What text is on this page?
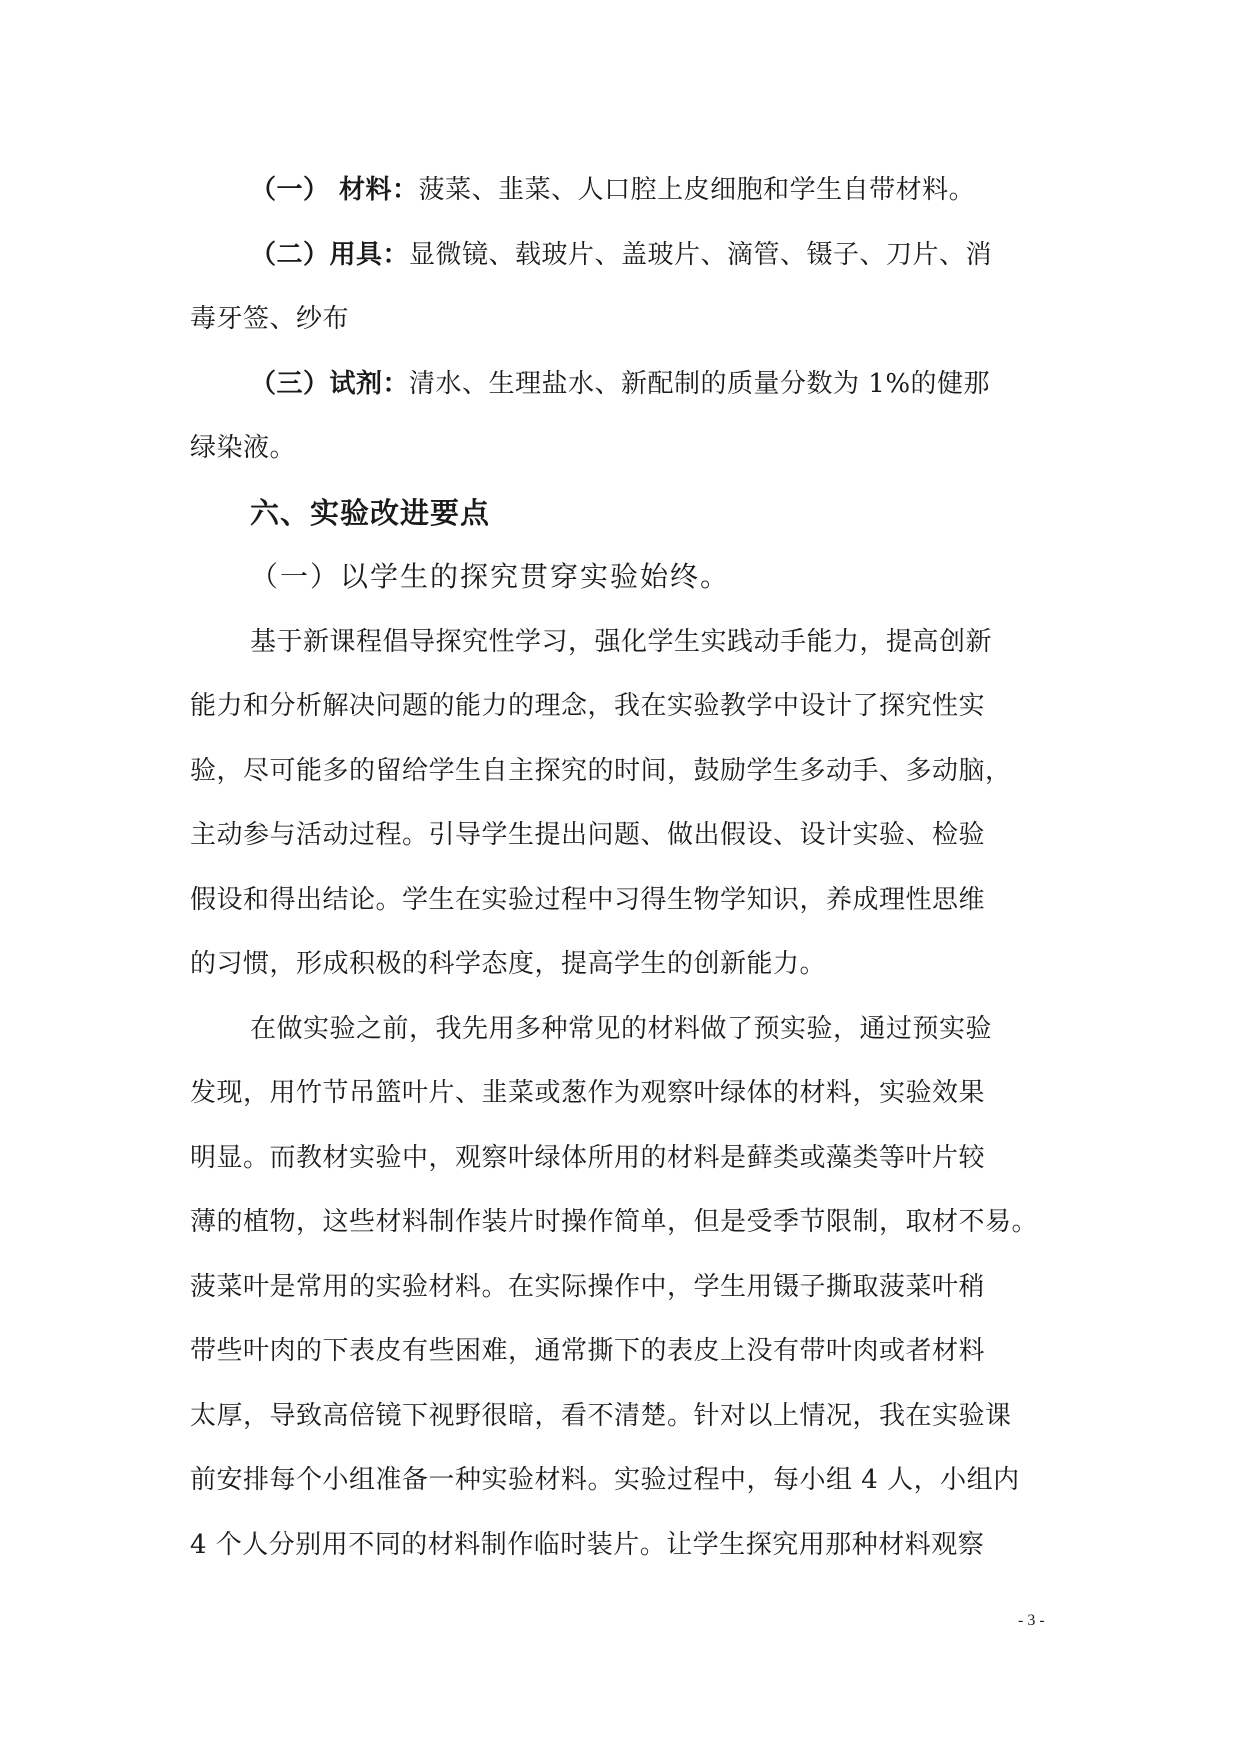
（一） 材料：菠菜、韭菜、人口腔上皮细胞和学生自带材料。
（二）用具：显微镜、载玻片、盖玻片、滴管、镊子、刀片、消
毒牙签、纱布
（三）试剂：清水、生理盐水、新配制的质量分数为 1%的健那
绿染液。
六、实验改进要点
（一）以学生的探究贯穿实验始终。
基于新课程倡导探究性学习，强化学生实践动手能力，提高创新
能力和分析解决问题的能力的理念，我在实验教学中设计了探究性实
验，尽可能多的留给学生自主探究的时间，鼓励学生多动手、多动脑，
主动参与活动过程。引导学生提出问题、做出假设、设计实验、检验
假设和得出结论。学生在实验过程中习得生物学知识，养成理性思维
的习惯，形成积极的科学态度，提高学生的创新能力。
在做实验之前，我先用多种常见的材料做了预实验，通过预实验
发现，用竹节吊篮叶片、韭菜或葱作为观察叶绿体的材料，实验效果
明显。而教材实验中，观察叶绿体所用的材料是藓类或藻类等叶片较
薄的植物，这些材料制作装片时操作简单，但是受季节限制，取材不易。
菠菜叶是常用的实验材料。在实际操作中，学生用镊子撕取菠菜叶稍
带些叶肉的下表皮有些困难，通常撕下的表皮上没有带叶肉或者材料
太厚，导致高倍镜下视野很暗，看不清楚。针对以上情况，我在实验课
前安排每个小组准备一种实验材料。实验过程中，每小组 4 人，小组内
4 个人分别用不同的材料制作临时装片。让学生探究用那种材料观察
- 3 -
